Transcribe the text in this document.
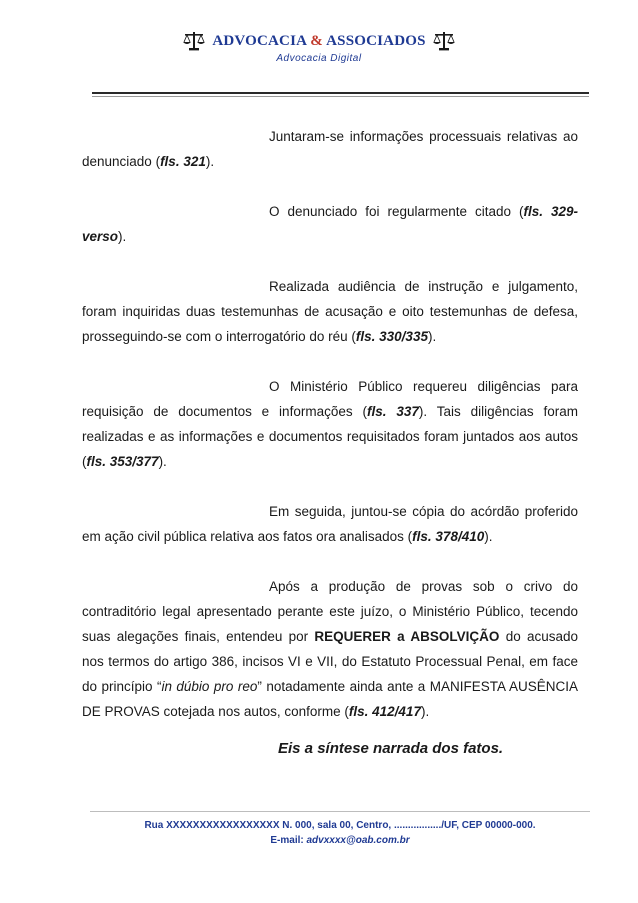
ADVOCACIA & ASSOCIADOS
Advocacia Digital

Juntaram-se informações processuais relativas ao denunciado (fls. 321).

O denunciado foi regularmente citado (fls. 329-verso).

Realizada audiência de instrução e julgamento, foram inquiridas duas testemunhas de acusação e oito testemunhas de defesa, prosseguindo-se com o interrogatório do réu (fls. 330/335).

O Ministério Público requereu diligências para requisição de documentos e informações (fls. 337). Tais diligências foram realizadas e as informações e documentos requisitados foram juntados aos autos (fls. 353/377).

Em seguida, juntou-se cópia do acórdão proferido em ação civil pública relativa aos fatos ora analisados (fls. 378/410).

Após a produção de provas sob o crivo do contraditório legal apresentado perante este juízo, o Ministério Público, tecendo suas alegações finais, entendeu por REQUERER a ABSOLVIÇÃO do acusado nos termos do artigo 386, incisos VI e VII, do Estatuto Processual Penal, em face do princípio “in dúbio pro reo” notadamente ainda ante a MANIFESTA AUSÊNCIA DE PROVAS cotejada nos autos, conforme (fls. 412/417).

Eis a síntese narrada dos fatos.
Rua XXXXXXXXXXXXXXXXX N. 000, sala 00, Centro, ................./UF, CEP 00000-000.
E-mail: advxxxx@oab.com.br
